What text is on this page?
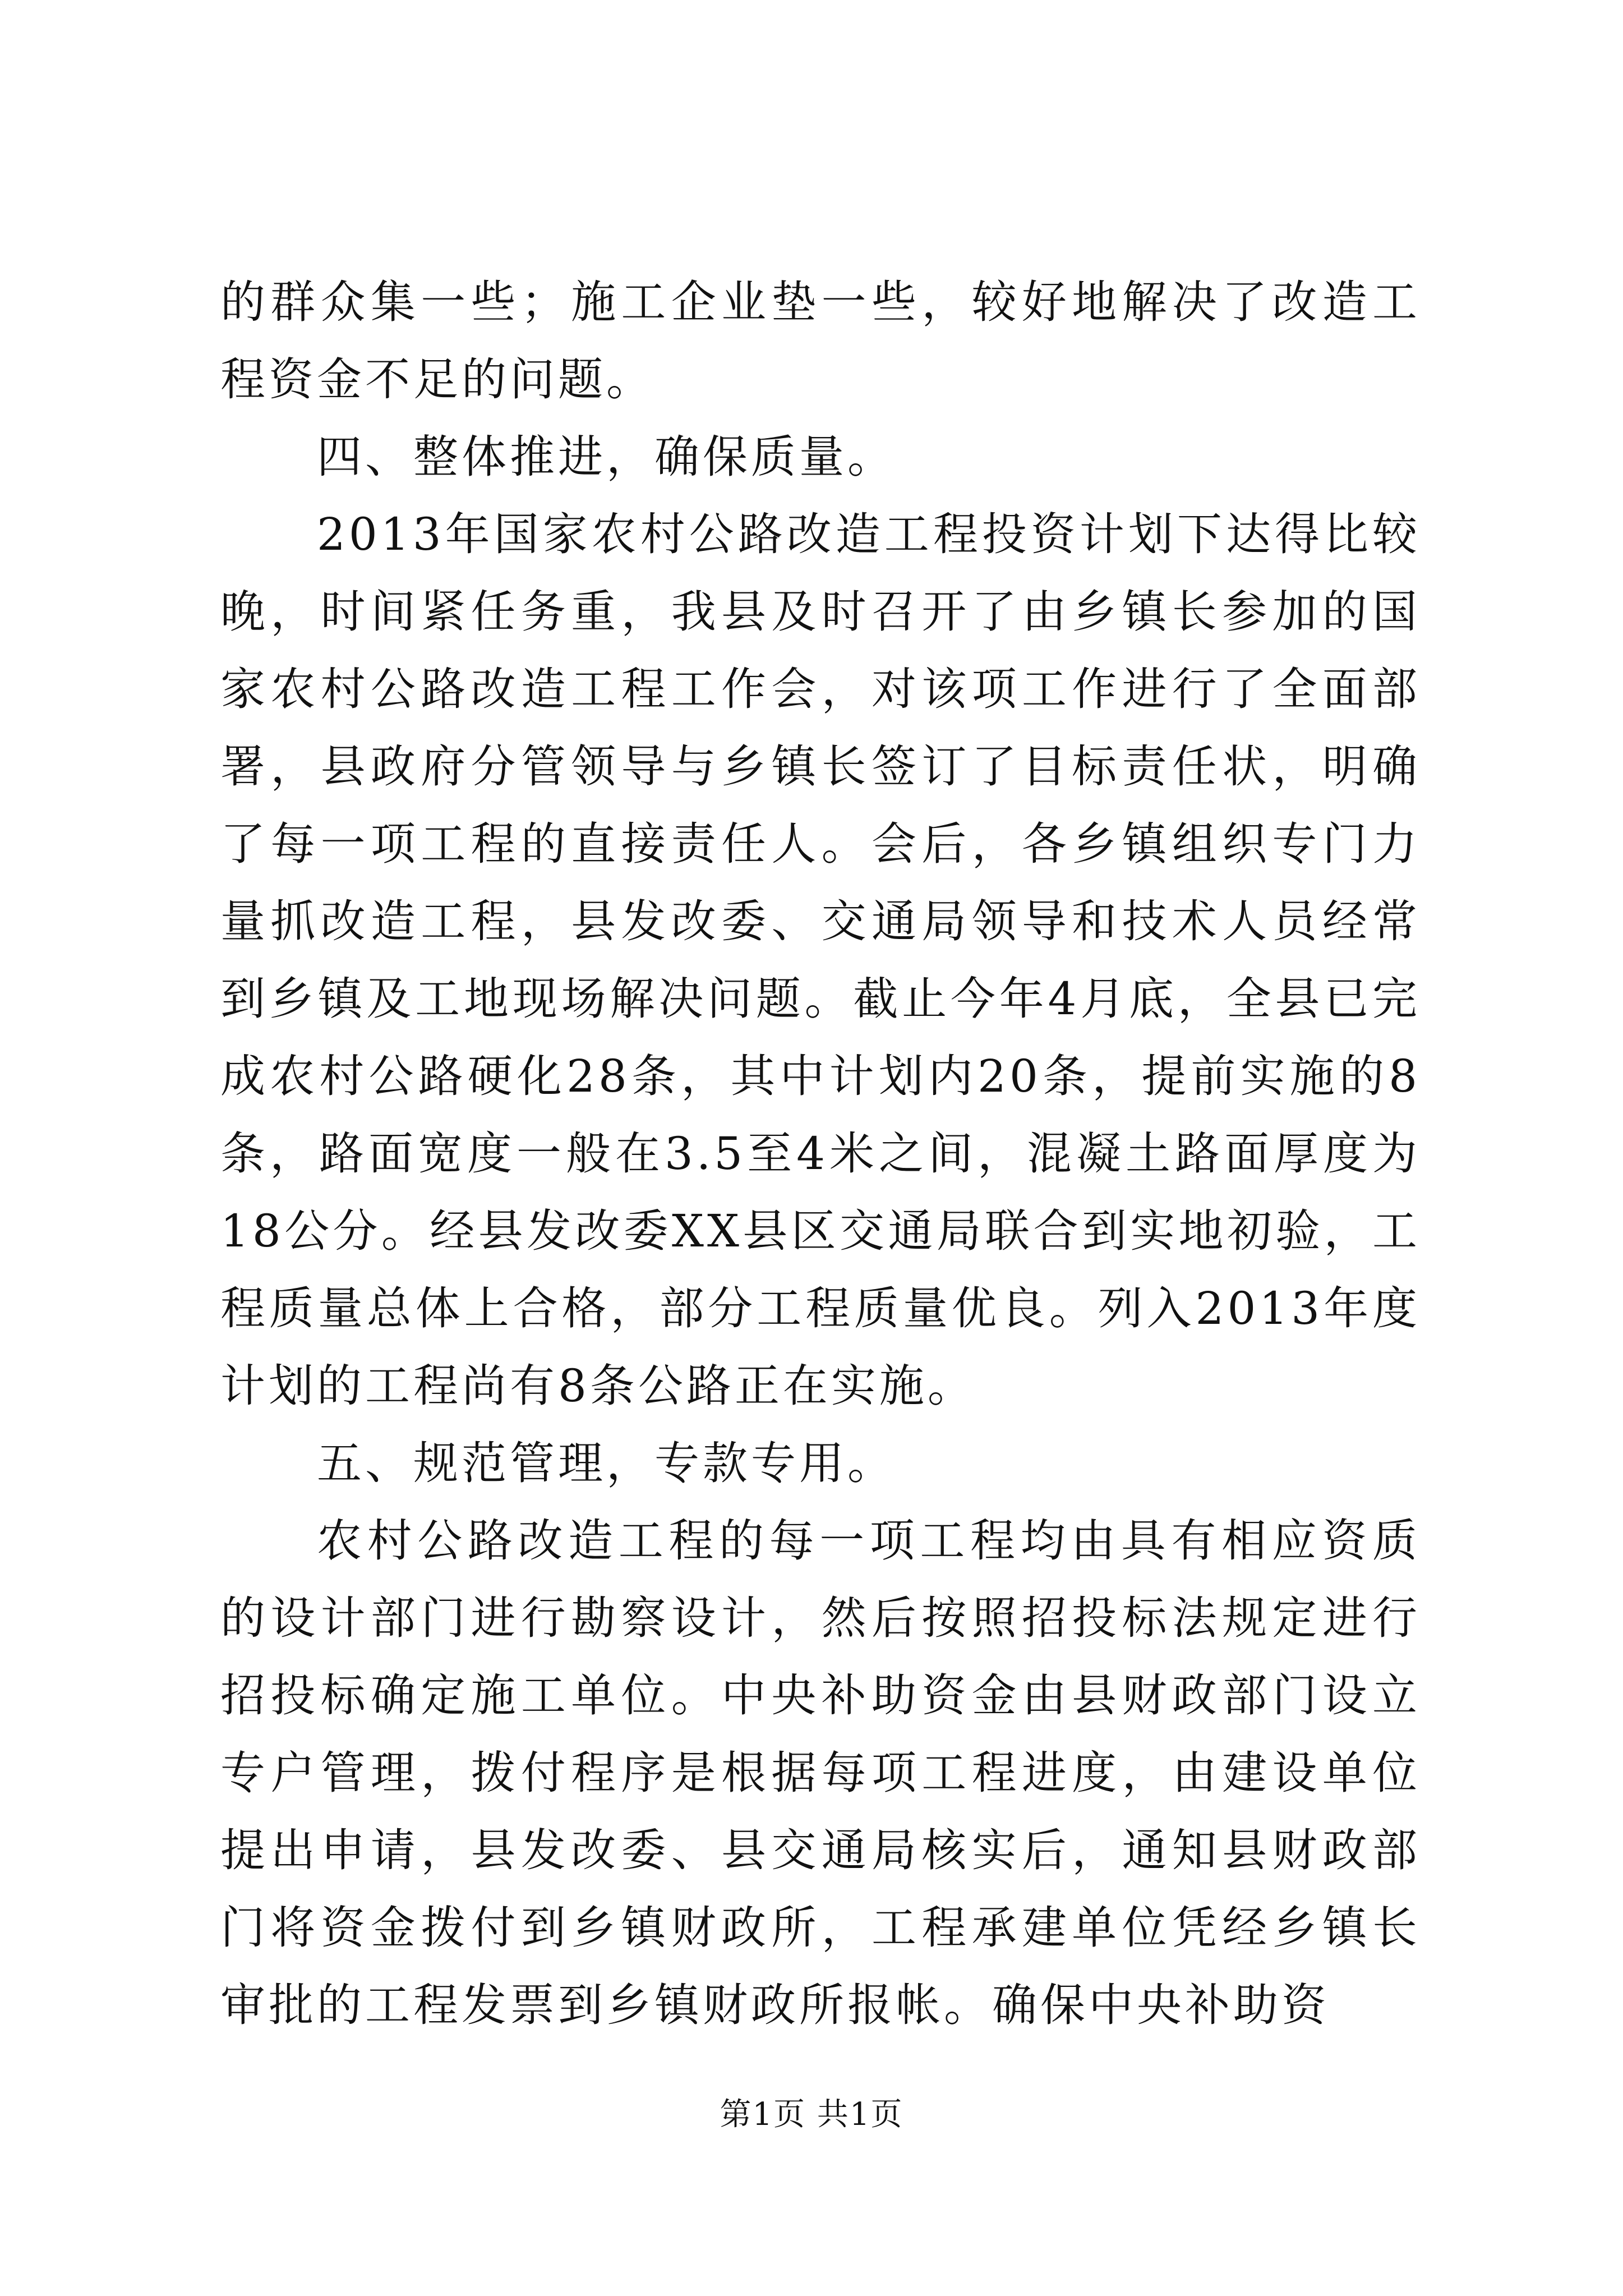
的群众集一些；施工企业垫一些，较好地解决了改造工程资金不足的问题。

四、整体推进，确保质量。

2013年国家农村公路改造工程投资计划下达得比较晚，时间紧任务重，我县及时召开了由乡镇长参加的国家农村公路改造工程工作会，对该项工作进行了全面部署，县政府分管领导与乡镇长签订了目标责任状，明确了每一项工程的直接责任人。会后，各乡镇组织专门力量抓改造工程，县发改委、交通局领导和技术人员经常到乡镇及工地现场解决问题。截止今年4月底，全县已完成农村公路硬化28条，其中计划内20条，提前实施的8条，路面宽度一般在3.5至4米之间，混凝土路面厚度为18公分。经县发改委XX县区交通局联合到实地初验，工程质量总体上合格，部分工程质量优良。列入2013年度计划的工程尚有8条公路正在实施。

五、规范管理，专款专用。

农村公路改造工程的每一项工程均由具有相应资质的设计部门进行勘察设计，然后按照招投标法规定进行招投标确定施工单位。中央补助资金由县财政部门设立专户管理，拨付程序是根据每项工程进度，由建设单位提出申请，县发改委、县交通局核实后，通知县财政部门将资金拨付到乡镇财政所，工程承建单位凭经乡镇长审批的工程发票到乡镇财政所报帐。确保中央补助资

第1页 共1页
